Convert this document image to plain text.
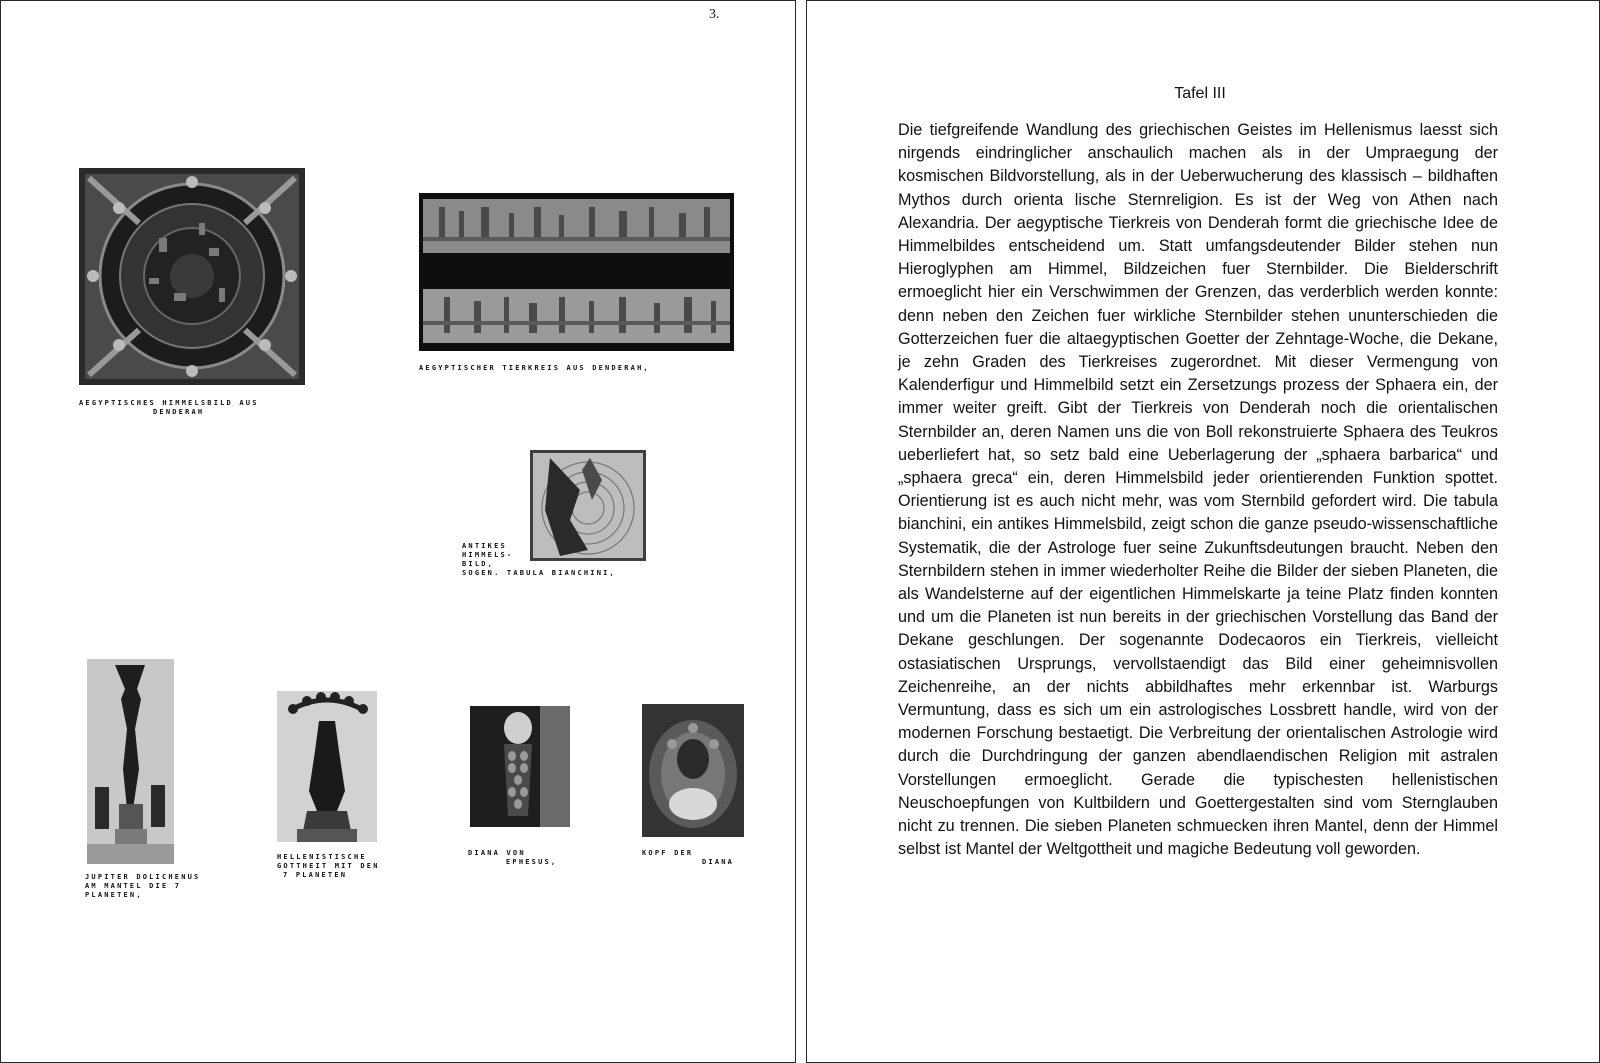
3.
AEGYPTISCHES HIMMELSBILD AUS
DENDERAH
AEGYPTISCHER TIERKREIS AUS DENDERAH,
ANTIKES
HIMMELS-
BILD,
SOGEN. TABULA BIANCHINI,
JUPITER DOLICHENUS
AM MANTEL DIE 7
PLANETEN,
HELLENISTISCHE
GOTTHEIT MIT DEN
7 PLANETEN
DIANA VON
EPHESUS,
KOPF DER
DIANA
Tafel III
Die tiefgreifende Wandlung des griechischen Geistes im Hellenismus laesst sich nirgends eindringlicher anschaulich machen als in der Umpraegung der kosmischen Bildvorstellung, als in der Ueberwucherung des klassisch – bildhaften Mythos durch orienta lische Sternreligion. Es ist der Weg von Athen nach Alexandria. Der aegyptische Tierkreis von Denderah formt die griechische Idee de Himmelbildes entscheidend um. Statt umfangsdeutender Bilder stehen nun Hieroglyphen am Himmel, Bildzeichen fuer Sternbilder. Die Bielderschrift ermoeglicht hier ein Verschwimmen der Grenzen, das verderblich werden konnte: denn neben den Zeichen fuer wirkliche Sternbilder stehen ununterschieden die Gotterzeichen fuer die altaegyptischen Goetter der Zehntage-Woche, die Dekane, je zehn Graden des Tierkreises zugerordnet. Mit dieser Vermengung von Kalenderfigur und Himmelbild setzt ein Zersetzungs prozess der Sphaera ein, der immer weiter greift. Gibt der Tierkreis von Denderah noch die orientalischen Sternbilder an, deren Namen uns die von Boll rekonstruierte Sphaera des Teukros ueberliefert hat, so setz bald eine Ueberlagerung der „sphaera barbarica“ und „sphaera greca“ ein, deren Himmelsbild jeder orientierenden Funktion spottet. Orientierung ist es auch nicht mehr, was vom Sternbild gefordert wird. Die tabula bianchini, ein antikes Himmelsbild, zeigt schon die ganze pseudo-wissenschaftliche Systematik, die der Astrologe fuer seine Zukunftsdeutungen braucht. Neben den Sternbildern stehen in immer wiederholter Reihe die Bilder der sieben Planeten, die als Wandelsterne auf der eigentlichen Himmelskarte ja teine Platz finden konnten und um die Planeten ist nun bereits in der griechischen Vorstellung das Band der Dekane geschlungen. Der sogenannte Dodecaoros ein Tierkreis, vielleicht ostasiatischen Ursprungs, vervollstaendigt das Bild einer geheimnisvollen Zeichenreihe, an der nichts abbildhaftes mehr erkennbar ist. Warburgs Vermuntung, dass es sich um ein astrologisches Lossbrett handle, wird von der modernen Forschung bestaetigt. Die Verbreitung der orientalischen Astrologie wird durch die Durchdringung der ganzen abendlaendischen Religion mit astralen Vorstellungen ermoeglicht. Gerade die typischesten hellenistischen Neuschoepfungen von Kultbildern und Goettergestalten sind vom Sternglauben nicht zu trennen. Die sieben Planeten schmuecken ihren Mantel, denn der Himmel selbst ist Mantel der Weltgottheit und magiche Bedeutung voll geworden.
